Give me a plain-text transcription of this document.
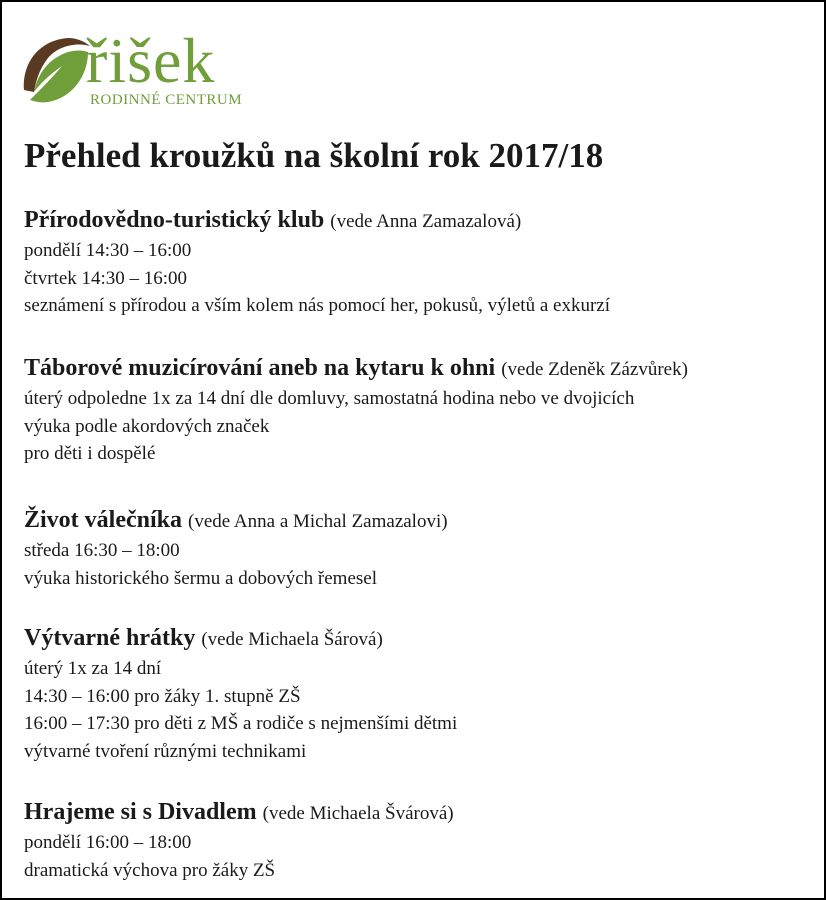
řišek
RODINNÉ CENTRUM
Přehled kroužků na školní rok 2017/18
Přírodovědno-turistický klub (vede Anna Zamazalová)
pondělí 14:30 – 16:00
čtvrtek 14:30 – 16:00
seznámení s přírodou a vším kolem nás pomocí her, pokusů, výletů a exkurzí
Táborové muzicírování aneb na kytaru k ohni (vede Zdeněk Zázvůrek)
úterý odpoledne 1x za 14 dní dle domluvy, samostatná hodina nebo ve dvojicích
výuka podle akordových značek
pro děti i dospělé
Život válečníka (vede Anna a Michal Zamazalovi)
středa 16:30 – 18:00
výuka historického šermu a dobových řemesel
Výtvarné hrátky (vede Michaela Šárová)
úterý 1x za 14 dní
14:30 – 16:00 pro žáky 1. stupně ZŠ
16:00 – 17:30 pro děti z MŠ a rodiče s nejmenšími dětmi
výtvarné tvoření různými technikami
Hrajeme si s Divadlem (vede Michaela Švárová)
pondělí 16:00 – 18:00
dramatická výchova pro žáky ZŠ
